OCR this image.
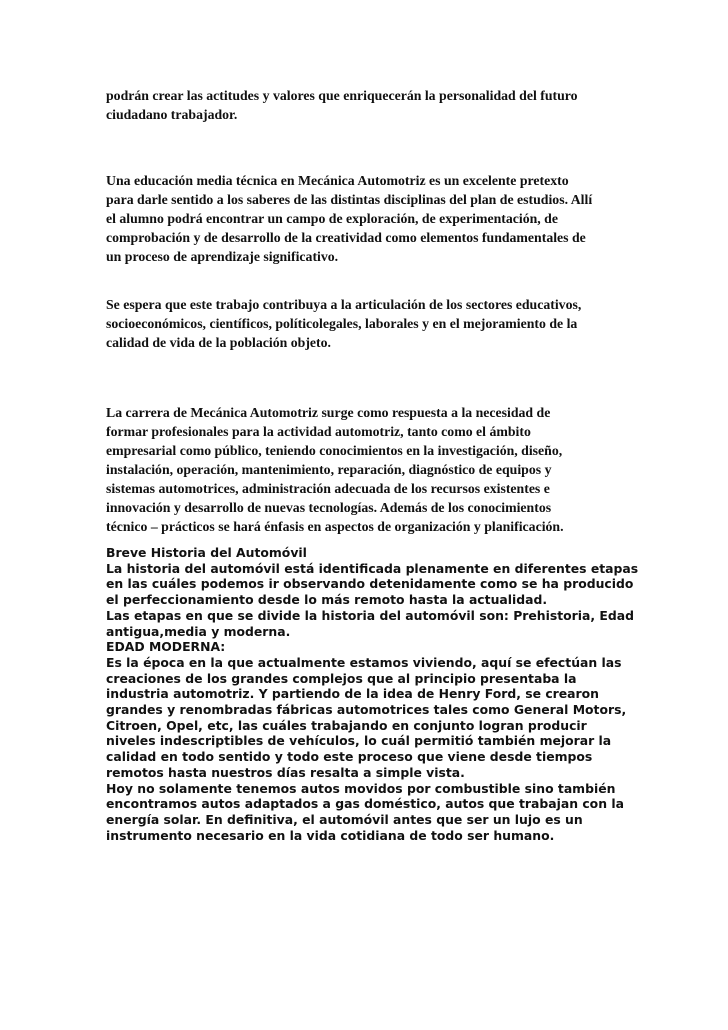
podrán crear las actitudes y valores que enriquecerán la personalidad del futuro
ciudadano trabajador.

Una educación media técnica en Mecánica Automotriz es un excelente pretexto
para darle sentido a los saberes de las distintas disciplinas del plan de estudios. Allí
el alumno podrá encontrar un campo de exploración, de experimentación, de
comprobación y de desarrollo de la creatividad como elementos fundamentales de
un proceso de aprendizaje significativo.

Se espera que este trabajo contribuya a la articulación de los sectores educativos,
socioeconómicos, científicos, políticolegales, laborales y en el mejoramiento de la
calidad de vida de la población objeto.

La carrera de Mecánica Automotriz surge como respuesta a la necesidad de
formar profesionales para la actividad automotriz, tanto como el ámbito
empresarial como público, teniendo conocimientos en la investigación, diseño,
instalación, operación, mantenimiento, reparación, diagnóstico de equipos y
sistemas automotrices, administración adecuada de los recursos existentes e
innovación y desarrollo de nuevas tecnologías. Además de los conocimientos
técnico – prácticos se hará énfasis en aspectos de organización y planificación.

Breve Historia del Automóvil
La historia del automóvil está identificada plenamente en diferentes etapas
en las cuáles podemos ir observando detenidamente como se ha producido
el perfeccionamiento desde lo más remoto hasta la actualidad.
Las etapas en que se divide la historia del automóvil son: Prehistoria, Edad
antigua,media y moderna.
EDAD MODERNA:
Es la época en la que actualmente estamos viviendo, aquí se efectúan las
creaciones de los grandes complejos que al principio presentaba la
industria automotriz. Y partiendo de la idea de Henry Ford, se crearon
grandes y renombradas fábricas automotrices tales como General Motors,
Citroen, Opel, etc, las cuáles trabajando en conjunto logran producir
niveles indescriptibles de vehículos, lo cuál permitió también mejorar la
calidad en todo sentido y todo este proceso que viene desde tiempos
remotos hasta nuestros días resalta a simple vista.
Hoy no solamente tenemos autos movidos por combustible sino también
encontramos autos adaptados a gas doméstico, autos que trabajan con la
energía solar. En definitiva, el automóvil antes que ser un lujo es un
instrumento necesario en la vida cotidiana de todo ser humano.
